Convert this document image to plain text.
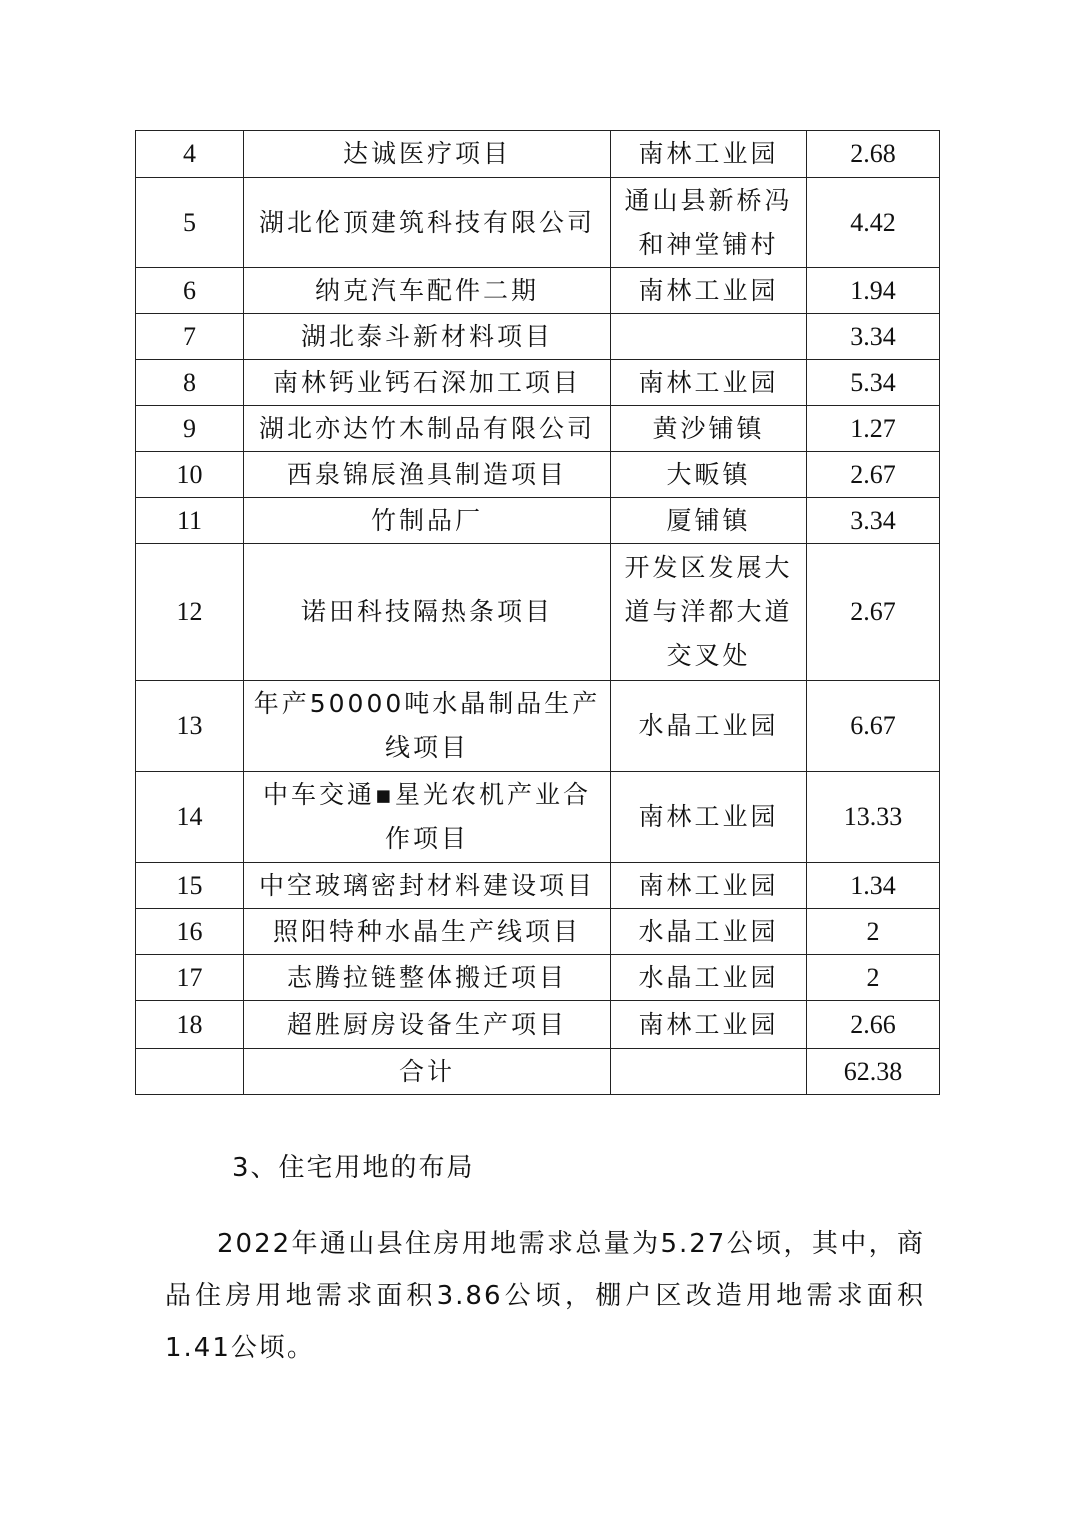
4	达诚医疗项目	南林工业园	2.68
5	湖北伦顶建筑科技有限公司	通山县新桥冯和神堂铺村	4.42
6	纳克汽车配件二期	南林工业园	1.94
7	湖北泰斗新材料项目		3.34
8	南林钙业钙石深加工项目	南林工业园	5.34
9	湖北亦达竹木制品有限公司	黄沙铺镇	1.27
10	西泉锦辰渔具制造项目	大畈镇	2.67
11	竹制品厂	厦铺镇	3.34
12	诺田科技隔热条项目	开发区发展大道与洋都大道交叉处	2.67
13	年产50000吨水晶制品生产线项目	水晶工业园	6.67
14	中车交通▪星光农机产业合作项目	南林工业园	13.33
15	中空玻璃密封材料建设项目	南林工业园	1.34
16	照阳特种水晶生产线项目	水晶工业园	2
17	志腾拉链整体搬迁项目	水晶工业园	2
18	超胜厨房设备生产项目	南林工业园	2.66
	合计		62.38
3、住宅用地的布局

2022年通山县住房用地需求总量为5.27公顷，其中，商品住房用地需求面积3.86公顷，棚户区改造用地需求面积1.41公顷。
